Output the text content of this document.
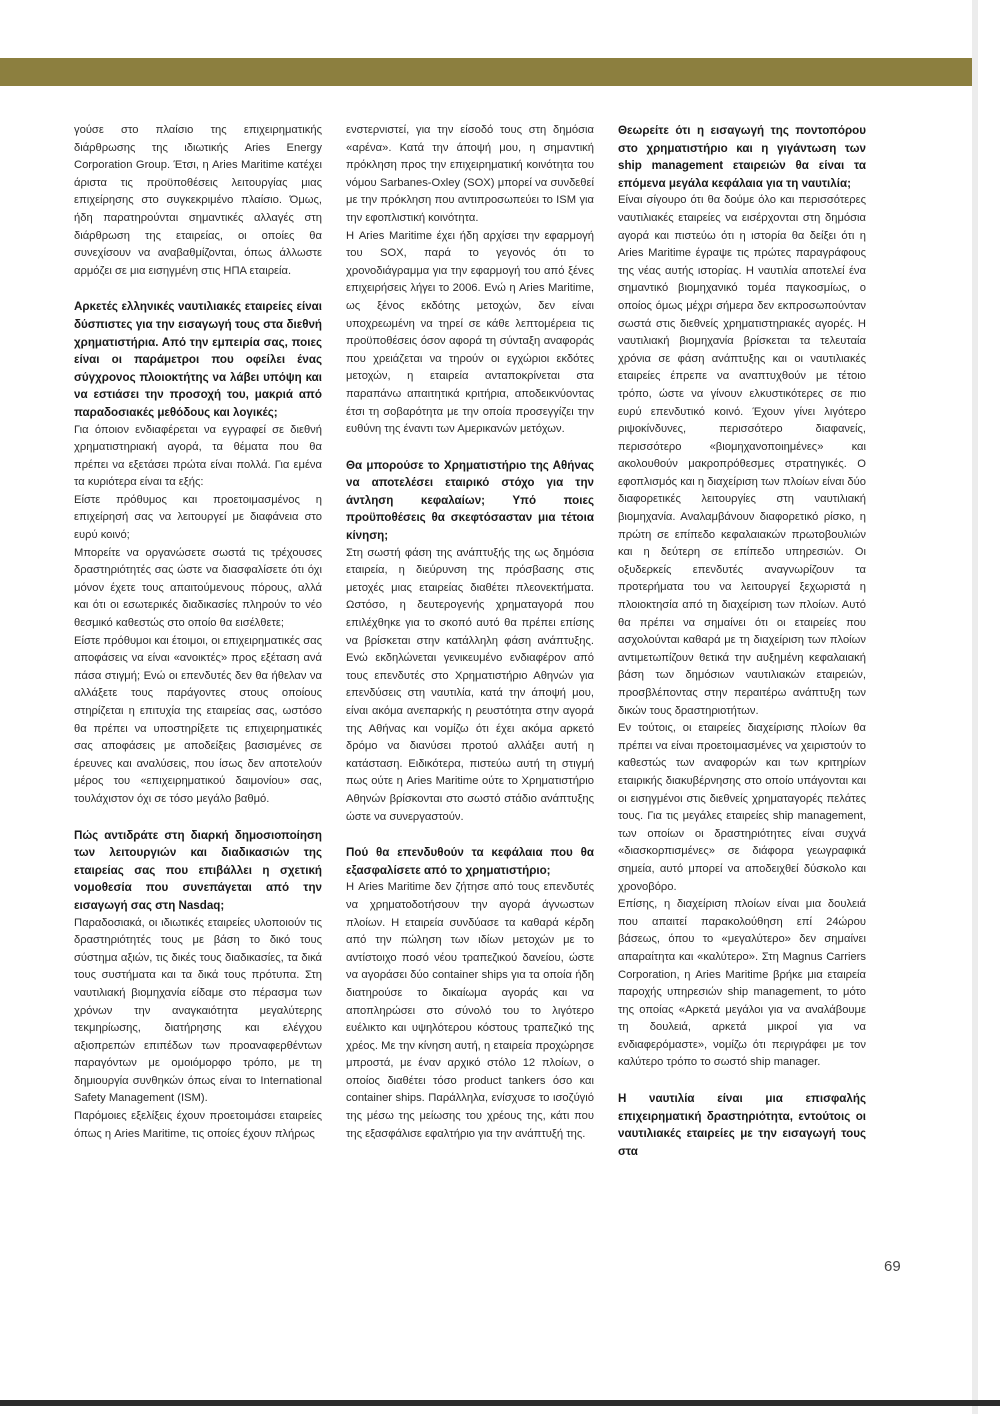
γούσε στο πλαίσιο της επιχειρηματικής διάρθρωσης της ιδιωτικής Aries Energy Corporation Group. Έτσι, η Aries Maritime κατέχει άριστα τις προϋποθέσεις λειτουργίας μιας επιχείρησης στο συγκεκριμένο πλαίσιο. Όμως, ήδη παρατηρούνται σημαντικές αλλαγές στη διάρθρωση της εταιρείας, οι οποίες θα συνεχίσουν να αναβαθμίζονται, όπως άλλωστε αρμόζει σε μια εισηγμένη στις ΗΠΑ εταιρεία.

Αρκετές ελληνικές ναυτιλιακές εταιρείες είναι δύσπιστες για την εισαγωγή τους στα διεθνή χρηματιστήρια. Από την εμπειρία σας, ποιες είναι οι παράμετροι που οφείλει ένας σύγχρονος πλοιοκτήτης να λάβει υπόψη και να εστιάσει την προσοχή του, μακριά από παραδοσιακές μεθόδους και λογικές;

Για όποιον ενδιαφέρεται να εγγραφεί σε διεθνή χρηματιστηριακή αγορά, τα θέματα που θα πρέπει να εξετάσει πρώτα είναι πολλά. Για εμένα τα κυριότερα είναι τα εξής:

Είστε πρόθυμος και προετοιμασμένος η επιχείρησή σας να λειτουργεί με διαφάνεια στο ευρύ κοινό;

Μπορείτε να οργανώσετε σωστά τις τρέχουσες δραστηριότητές σας ώστε να διασφαλίσετε ότι όχι μόνον έχετε τους απαιτούμενους πόρους, αλλά και ότι οι εσωτερικές διαδικασίες πληρούν το νέο θεσμικό καθεστώς στο οποίο θα εισέλθετε;

Είστε πρόθυμοι και έτοιμοι, οι επιχειρηματικές σας αποφάσεις να είναι «ανοικτές» προς εξέταση ανά πάσα στιγμή; Ενώ οι επενδυτές δεν θα ήθελαν να αλλάξετε τους παράγοντες στους οποίους στηρίζεται η επιτυχία της εταιρείας σας, ωστόσο θα πρέπει να υποστηρίξετε τις επιχειρηματικές σας αποφάσεις με αποδείξεις βασισμένες σε έρευνες και αναλύσεις, που ίσως δεν αποτελούν μέρος του «επιχειρηματικού δαιμονίου» σας, τουλάχιστον όχι σε τόσο μεγάλο βαθμό.

Πώς αντιδράτε στη διαρκή δημοσιοποίηση των λειτουργιών και διαδικασιών της εταιρείας σας που επιβάλλει η σχετική νομοθεσία που συνεπάγεται από την εισαγωγή σας στη Nasdaq;

Παραδοσιακά, οι ιδιωτικές εταιρείες υλοποιούν τις δραστηριότητές τους με βάση το δικό τους σύστημα αξιών, τις δικές τους διαδικασίες, τα δικά τους συστήματα και τα δικά τους πρότυπα. Στη ναυτιλιακή βιομηχανία είδαμε στο πέρασμα των χρόνων την αναγκαιότητα μεγαλύτερης τεκμηρίωσης, διατήρησης και ελέγχου αξιοπρεπών επιπέδων των προαναφερθέντων παραγόντων με ομοιόμορφο τρόπο, με τη δημιουργία συνθηκών όπως είναι το International Safety Management (ISM).

Παρόμοιες εξελίξεις έχουν προετοιμάσει εταιρείες όπως η Aries Maritime, τις οποίες έχουν πλήρως

ενστερνιστεί, για την είσοδό τους στη δημόσια «αρένα». Κατά την άποψή μου, η σημαντική πρόκληση προς την επιχειρηματική κοινότητα του νόμου Sarbanes-Oxley (SOX) μπορεί να συνδεθεί με την πρόκληση που αντιπροσωπεύει το ISM για την εφοπλιστική κοινότητα.

Η Aries Maritime έχει ήδη αρχίσει την εφαρμογή του SOX, παρά το γεγονός ότι το χρονοδιάγραμμα για την εφαρμογή του από ξένες επιχειρήσεις λήγει το 2006. Ενώ η Aries Maritime, ως ξένος εκδότης μετοχών, δεν είναι υποχρεωμένη να τηρεί σε κάθε λεπτομέρεια τις προϋποθέσεις όσον αφορά τη σύνταξη αναφοράς που χρειάζεται να τηρούν οι εγχώριοι εκδότες μετοχών, η εταιρεία ανταποκρίνεται στα παραπάνω απαιτητικά κριτήρια, αποδεικνύοντας έτσι τη σοβαρότητα με την οποία προσεγγίζει την ευθύνη της έναντι των Αμερικανών μετόχων.

Θα μπορούσε το Χρηματιστήριο της Αθήνας να αποτελέσει εταιρικό στόχο για την άντληση κεφαλαίων; Υπό ποιες προϋποθέσεις θα σκεφτόσασταν μια τέτοια κίνηση;

Στη σωστή φάση της ανάπτυξής της ως δημόσια εταιρεία, η διεύρυνση της πρόσβασης στις μετοχές μιας εταιρείας διαθέτει πλεονεκτήματα. Ωστόσο, η δευτερογενής χρηματαγορά που επιλέχθηκε για το σκοπό αυτό θα πρέπει επίσης να βρίσκεται στην κατάλληλη φάση ανάπτυξης. Ενώ εκδηλώνεται γενικευμένο ενδιαφέρον από τους επενδυτές στο Χρηματιστήριο Αθηνών για επενδύσεις στη ναυτιλία, κατά την άποψή μου, είναι ακόμα ανεπαρκής η ρευστότητα στην αγορά της Αθήνας και νομίζω ότι έχει ακόμα αρκετό δρόμο να διανύσει προτού αλλάξει αυτή η κατάσταση. Ειδικότερα, πιστεύω αυτή τη στιγμή πως ούτε η Aries Maritime ούτε το Χρηματιστήριο Αθηνών βρίσκονται στο σωστό στάδιο ανάπτυξης ώστε να συνεργαστούν.

Πού θα επενδυθούν τα κεφάλαια που θα εξασφαλίσετε από το χρηματιστήριο;

Η Aries Maritime δεν ζήτησε από τους επενδυτές να χρηματοδοτήσουν την αγορά άγνωστων πλοίων. Η εταιρεία συνδύασε τα καθαρά κέρδη από την πώληση των ιδίων μετοχών με το αντίστοιχο ποσό νέου τραπεζικού δανείου, ώστε να αγοράσει δύο container ships για τα οποία ήδη διατηρούσε το δικαίωμα αγοράς και να αποπληρώσει στο σύνολό του το λιγότερο ευέλικτο και υψηλότερου κόστους τραπεζικό της χρέος. Με την κίνηση αυτή, η εταιρεία προχώρησε μπροστά, με έναν αρχικό στόλο 12 πλοίων, ο οποίος διαθέτει τόσο product tankers όσο και container ships. Παράλληλα, ενίσχυσε το ισοζύγιό της μέσω της μείωσης του χρέους της, κάτι που της εξασφάλισε εφαλτήριο για την ανάπτυξή της.

Θεωρείτε ότι η εισαγωγή της ποντοπόρου στο χρηματιστήριο και η γιγάντωση των ship management εταιρειών θα είναι τα επόμενα μεγάλα κεφάλαια για τη ναυτιλία;

Είναι σίγουρο ότι θα δούμε όλο και περισσότερες ναυτιλιακές εταιρείες να εισέρχονται στη δημόσια αγορά και πιστεύω ότι η ιστορία θα δείξει ότι η Aries Maritime έγραψε τις πρώτες παραγράφους της νέας αυτής ιστορίας. Η ναυτιλία αποτελεί ένα σημαντικό βιομηχανικό τομέα παγκοσμίως, ο οποίος όμως μέχρι σήμερα δεν εκπροσωπούνταν σωστά στις διεθνείς χρηματιστηριακές αγορές. Η ναυτιλιακή βιομηχανία βρίσκεται τα τελευταία χρόνια σε φάση ανάπτυξης και οι ναυτιλιακές εταιρείες έπρεπε να αναπτυχθούν με τέτοιο τρόπο, ώστε να γίνουν ελκυστικότερες σε πιο ευρύ επενδυτικό κοινό. Έχουν γίνει λιγότερο ριψοκίνδυνες, περισσότερο διαφανείς, περισσότερο «βιομηχανοποιημένες» και ακολουθούν μακροπρόθεσμες στρατηγικές. Ο εφοπλισμός και η διαχείριση των πλοίων είναι δύο διαφορετικές λειτουργίες στη ναυτιλιακή βιομηχανία. Αναλαμβάνουν διαφορετικό ρίσκο, η πρώτη σε επίπεδο κεφαλαιακών πρωτοβουλιών και η δεύτερη σε επίπεδο υπηρεσιών. Οι οξυδερκείς επενδυτές αναγνωρίζουν τα προτερήματα του να λειτουργεί ξεχωριστά η πλοιοκτησία από τη διαχείριση των πλοίων. Αυτό θα πρέπει να σημαίνει ότι οι εταιρείες που ασχολούνται καθαρά με τη διαχείριση των πλοίων αντιμετωπίζουν θετικά την αυξημένη κεφαλαιακή βάση των δημόσιων ναυτιλιακών εταιρειών, προσβλέποντας στην περαιτέρω ανάπτυξη των δικών τους δραστηριοτήτων.

Εν τούτοις, οι εταιρείες διαχείρισης πλοίων θα πρέπει να είναι προετοιμασμένες να χειριστούν το καθεστώς των αναφορών και των κριτηρίων εταιρικής διακυβέρνησης στο οποίο υπάγονται και οι εισηγμένοι στις διεθνείς χρηματαγορές πελάτες τους. Για τις μεγάλες εταιρείες ship management, των οποίων οι δραστηριότητες είναι συχνά «διασκορπισμένες» σε διάφορα γεωγραφικά σημεία, αυτό μπορεί να αποδειχθεί δύσκολο και χρονοβόρο.

Επίσης, η διαχείριση πλοίων είναι μια δουλειά που απαιτεί παρακολούθηση επί 24ώρου βάσεως, όπου το «μεγαλύτερο» δεν σημαίνει απαραίτητα και «καλύτερο». Στη Magnus Carriers Corporation, η Aries Maritime βρήκε μια εταιρεία παροχής υπηρεσιών ship management, το μότο της οποίας «Αρκετά μεγάλοι για να αναλάβουμε τη δουλειά, αρκετά μικροί για να ενδιαφερόμαστε», νομίζω ότι περιγράφει με τον καλύτερο τρόπο το σωστό ship manager.

Η ναυτιλία είναι μια επισφαλής επιχειρηματική δραστηριότητα, εντούτοις οι ναυτιλιακές εταιρείες με την εισαγωγή τους στα

69
